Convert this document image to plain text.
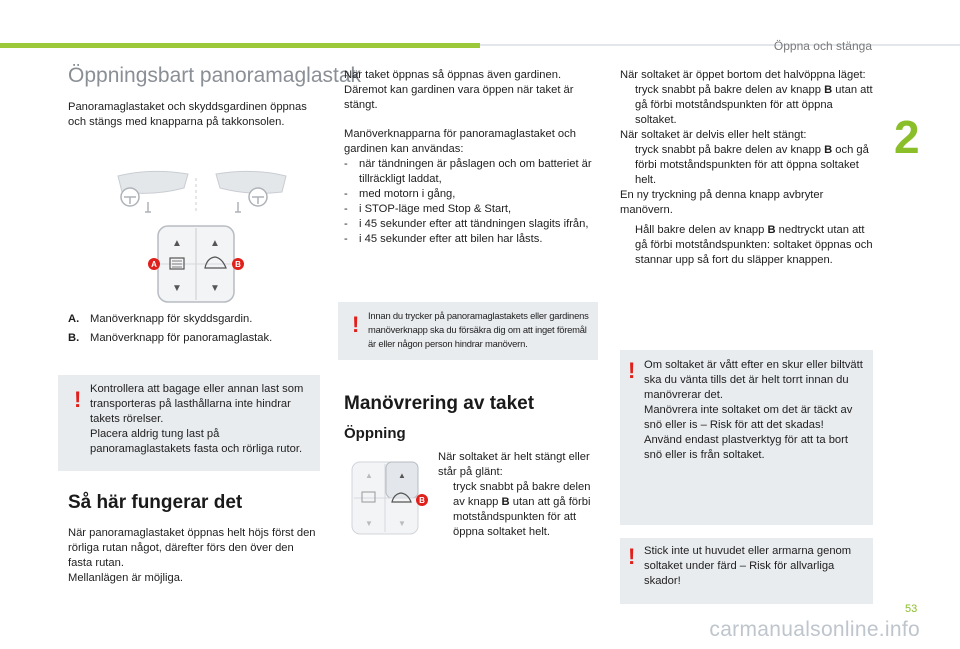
Öppna och stänga
2
Öppningsbart panoramaglastak

Panoramaglastaket och skyddsgardinen öppnas och stängs med knapparna på takkonsolen.

▲	▲
▼	▼
A	B
A. Manöverknapp för skyddsgardin.
B. Manöverknapp för panoramaglastak.
! Kontrollera att bagage eller annan last som transporteras på lasthållarna inte hindrar takets rörelser.

Placera aldrig tung last på panoramaglastakets fasta och rörliga rutor.

Så här fungerar det

När panoramaglastaket öppnas helt höjs först den rörliga rutan något, därefter förs den över den fasta rutan.

Mellanlägen är möjliga.

När taket öppnas så öppnas även gardinen. Däremot kan gardinen vara öppen när taket är stängt.

Manöverknapparna för panoramaglastaket och gardinen kan användas:

-	när tändningen är påslagen och om batteriet är tillräckligt laddat,
-	med motorn i gång,
-	i STOP-läge med Stop & Start,
-	i 45 sekunder efter att tändningen slagits ifrån,
-	i 45 sekunder efter att bilen har låsts.
! Innan du trycker på panoramaglastakets eller gardinens manöverknapp ska du försäkra dig om att inget föremål är eller någon person hindrar manövern.

Manövrering av taket
Öppning
▲	▲
▼	▼
B

När soltaket är helt stängt eller står på glänt:

tryck snabbt på bakre delen av knapp B utan att gå förbi motståndspunkten för att öppna soltaket helt.

När soltaket är öppet bortom det halvöppna läget:

tryck snabbt på bakre delen av knapp B utan att gå förbi motståndspunkten för att öppna soltaket.

När soltaket är delvis eller helt stängt:

tryck snabbt på bakre delen av knapp B och gå förbi motståndspunkten för att öppna soltaket helt.

En ny tryckning på denna knapp avbryter manövern.

Håll bakre delen av knapp B nedtryckt utan att gå förbi motståndspunkten: soltaket öppnas och stannar upp så fort du släpper knappen.
! Om soltaket är vått efter en skur eller biltvätt ska du vänta tills det är helt torrt innan du manövrerar det.

Manövrera inte soltaket om det är täckt av snö eller is – Risk för att det skadas!

Använd endast plastverktyg för att ta bort snö eller is från soltaket.

! Stick inte ut huvudet eller armarna genom soltaket under färd – Risk för allvarliga skador!

53
carmanualsonline.info
